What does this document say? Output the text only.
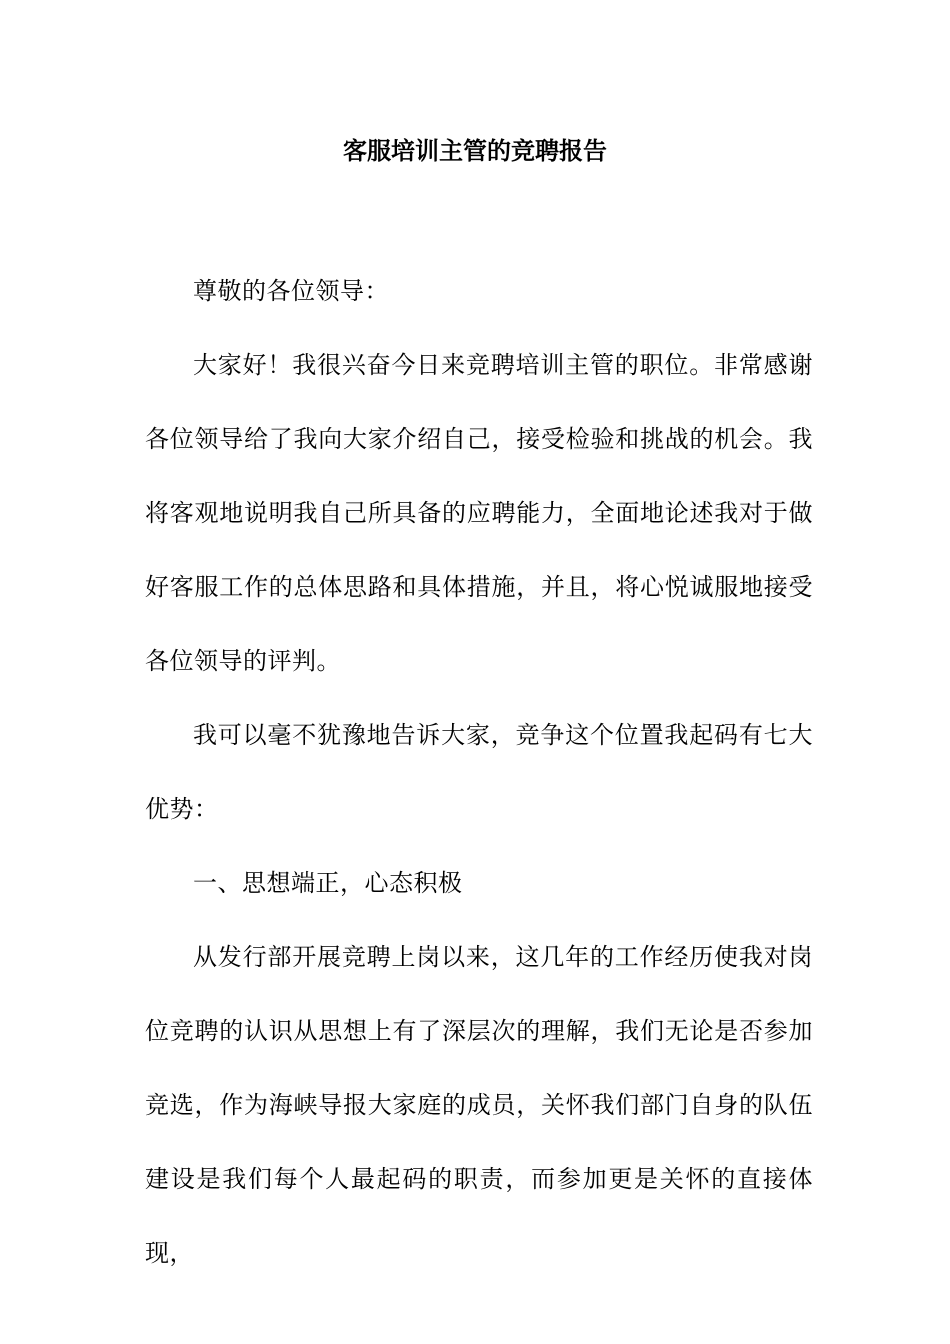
客服培训主管的竞聘报告

尊敬的各位领导：

大家好！我很兴奋今日来竞聘培训主管的职位。非常感谢各位领导给了我向大家介绍自己，接受检验和挑战的机会。我将客观地说明我自己所具备的应聘能力，全面地论述我对于做好客服工作的总体思路和具体措施，并且，将心悦诚服地接受各位领导的评判。

我可以毫不犹豫地告诉大家，竞争这个位置我起码有七大优势：

一、思想端正，心态积极

从发行部开展竞聘上岗以来，这几年的工作经历使我对岗位竞聘的认识从思想上有了深层次的理解，我们无论是否参加竞选，作为海峡导报大家庭的成员，关怀我们部门自身的队伍建设是我们每个人最起码的职责，而参加更是关怀的直接体现，
